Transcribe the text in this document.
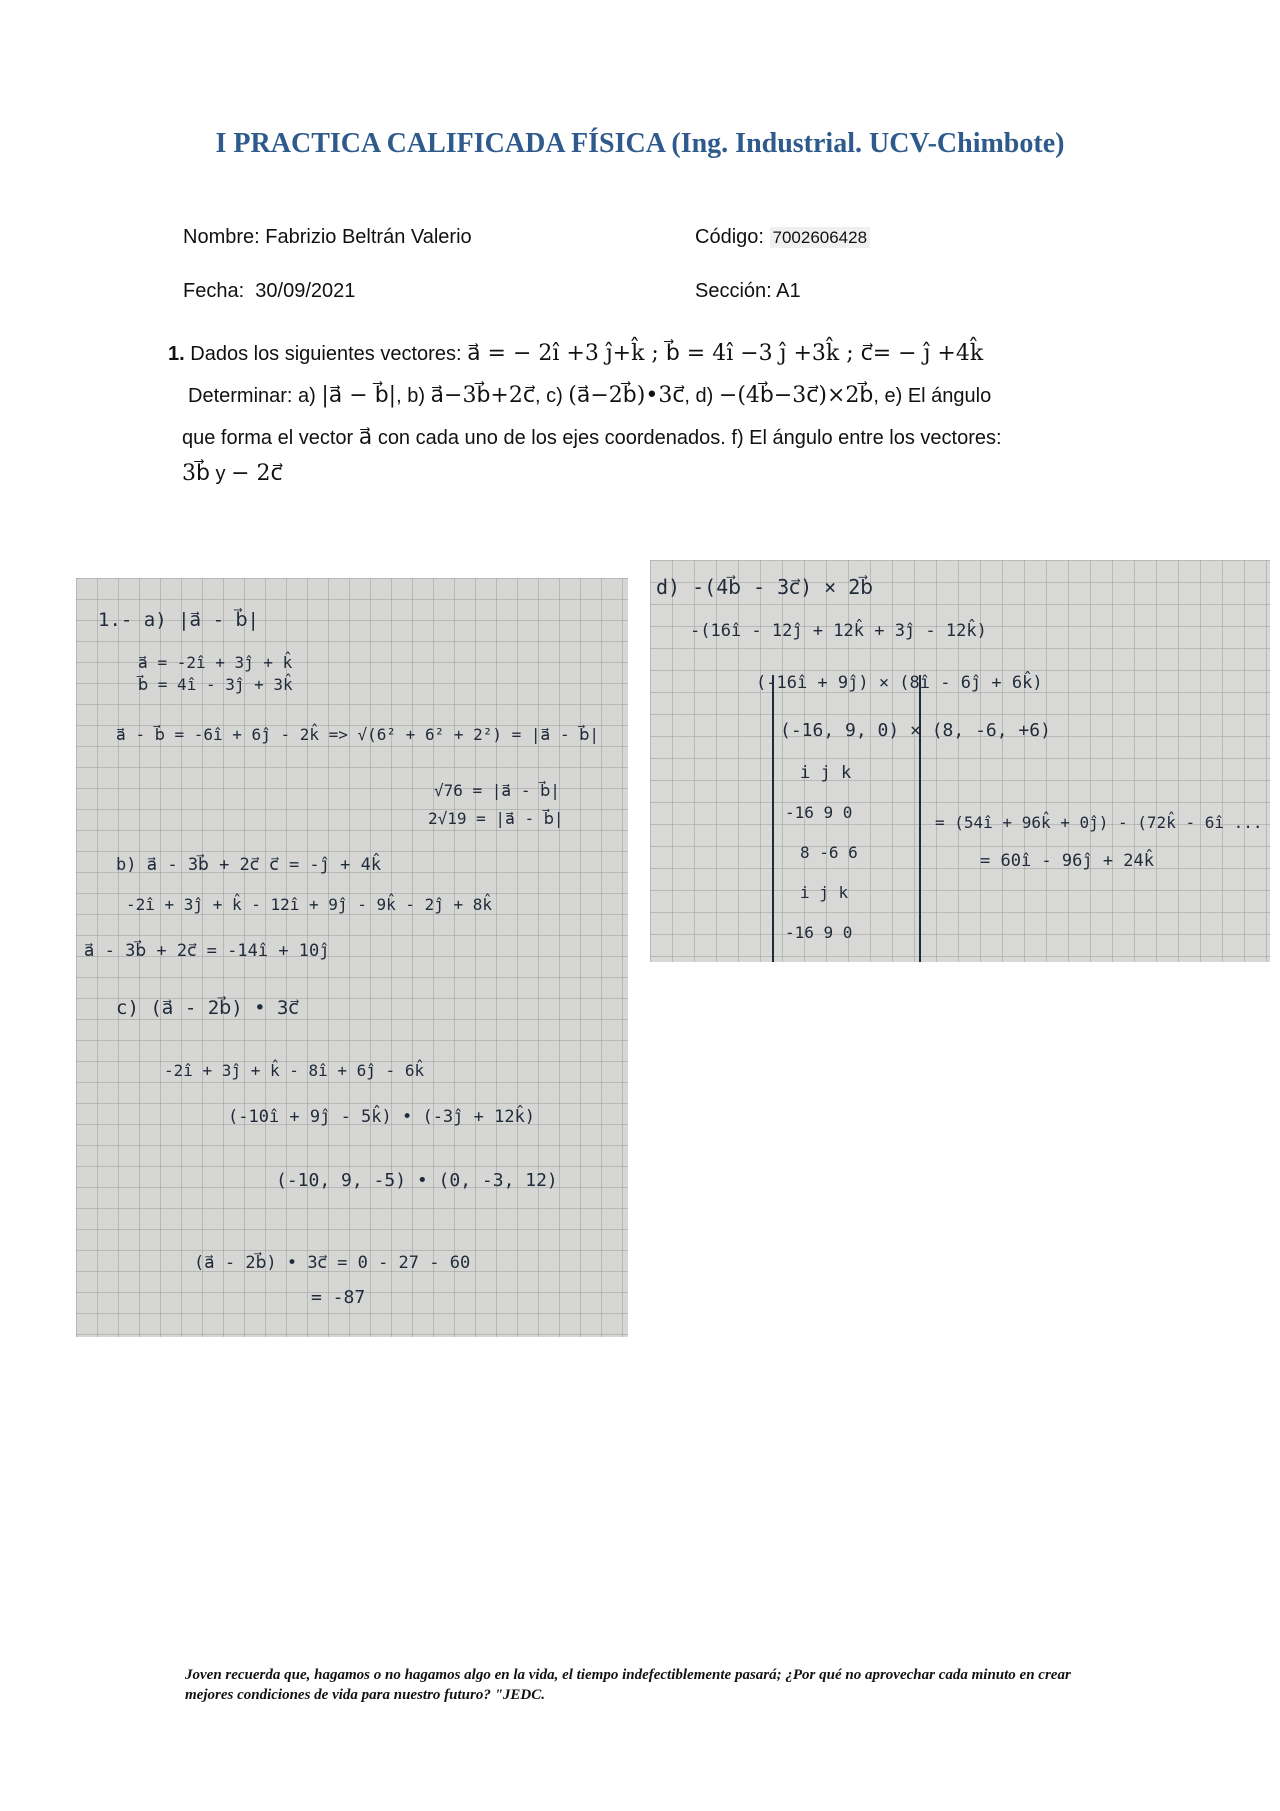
I PRACTICA CALIFICADA FÍSICA (Ing. Industrial. UCV-Chimbote)
Nombre: Fabrizio Beltrán Valerio	Código: 7002606428
Fecha: 30/09/2021	Sección: A1
1. Dados los siguientes vectores: a⃗ = − 2î +3 ĵ+k̂ ; b⃗ = 4î −3 ĵ +3k̂ ; c⃗= − ĵ +4k̂
Determinar: a) |a⃗ − b⃗|, b) a⃗−3b⃗+2c⃗, c) (a⃗−2b⃗)•3c⃗, d) −(4b⃗−3c⃗)×2b⃗, e) El ángulo
que forma el vector a⃗ con cada uno de los ejes coordenados. f) El ángulo entre los vectores:
3b⃗ y − 2c⃗
1.- a) |a⃗ - b⃗|
a⃗ = -2î + 3ĵ + k̂
b⃗ = 4î - 3ĵ + 3k̂
a⃗ - b⃗ = -6î + 6ĵ - 2k̂ => √(6² + 6² + 2²) = |a⃗ - b⃗|
√76 = |a⃗ - b⃗|
2√19 = |a⃗ - b⃗|
b) a⃗ - 3b⃗ + 2c⃗ c⃗ = -ĵ + 4k̂
-2î + 3ĵ + k̂ - 12î + 9ĵ - 9k̂ - 2ĵ + 8k̂
a⃗ - 3b⃗ + 2c⃗ = -14î + 10ĵ
c) (a⃗ - 2b⃗) • 3c⃗
-2î + 3ĵ + k̂ - 8î + 6ĵ - 6k̂
(-10î + 9ĵ - 5k̂) • (-3ĵ + 12k̂)
(-10, 9, -5) • (0, -3, 12)
(a⃗ - 2b⃗) • 3c⃗ = 0 - 27 - 60
= -87
d) -(4b⃗ - 3c⃗) × 2b⃗
-(16î - 12ĵ + 12k̂ + 3ĵ - 12k̂)
(-16î + 9ĵ) × (8î - 6ĵ + 6k̂)
(-16, 9, 0) × (8, -6, +6)
i j k
-16 9 0
8 -6 6
i j k
-16 9 0
= (54î + 96k̂ + 0ĵ) - (72k̂ - 6î ...
= 60î - 96ĵ + 24k̂
Joven recuerda que, hagamos o no hagamos algo en la vida, el tiempo indefectiblemente pasará; ¿Por qué no aprovechar cada minuto en crear mejores condiciones de vida para nuestro futuro? "JEDC.
